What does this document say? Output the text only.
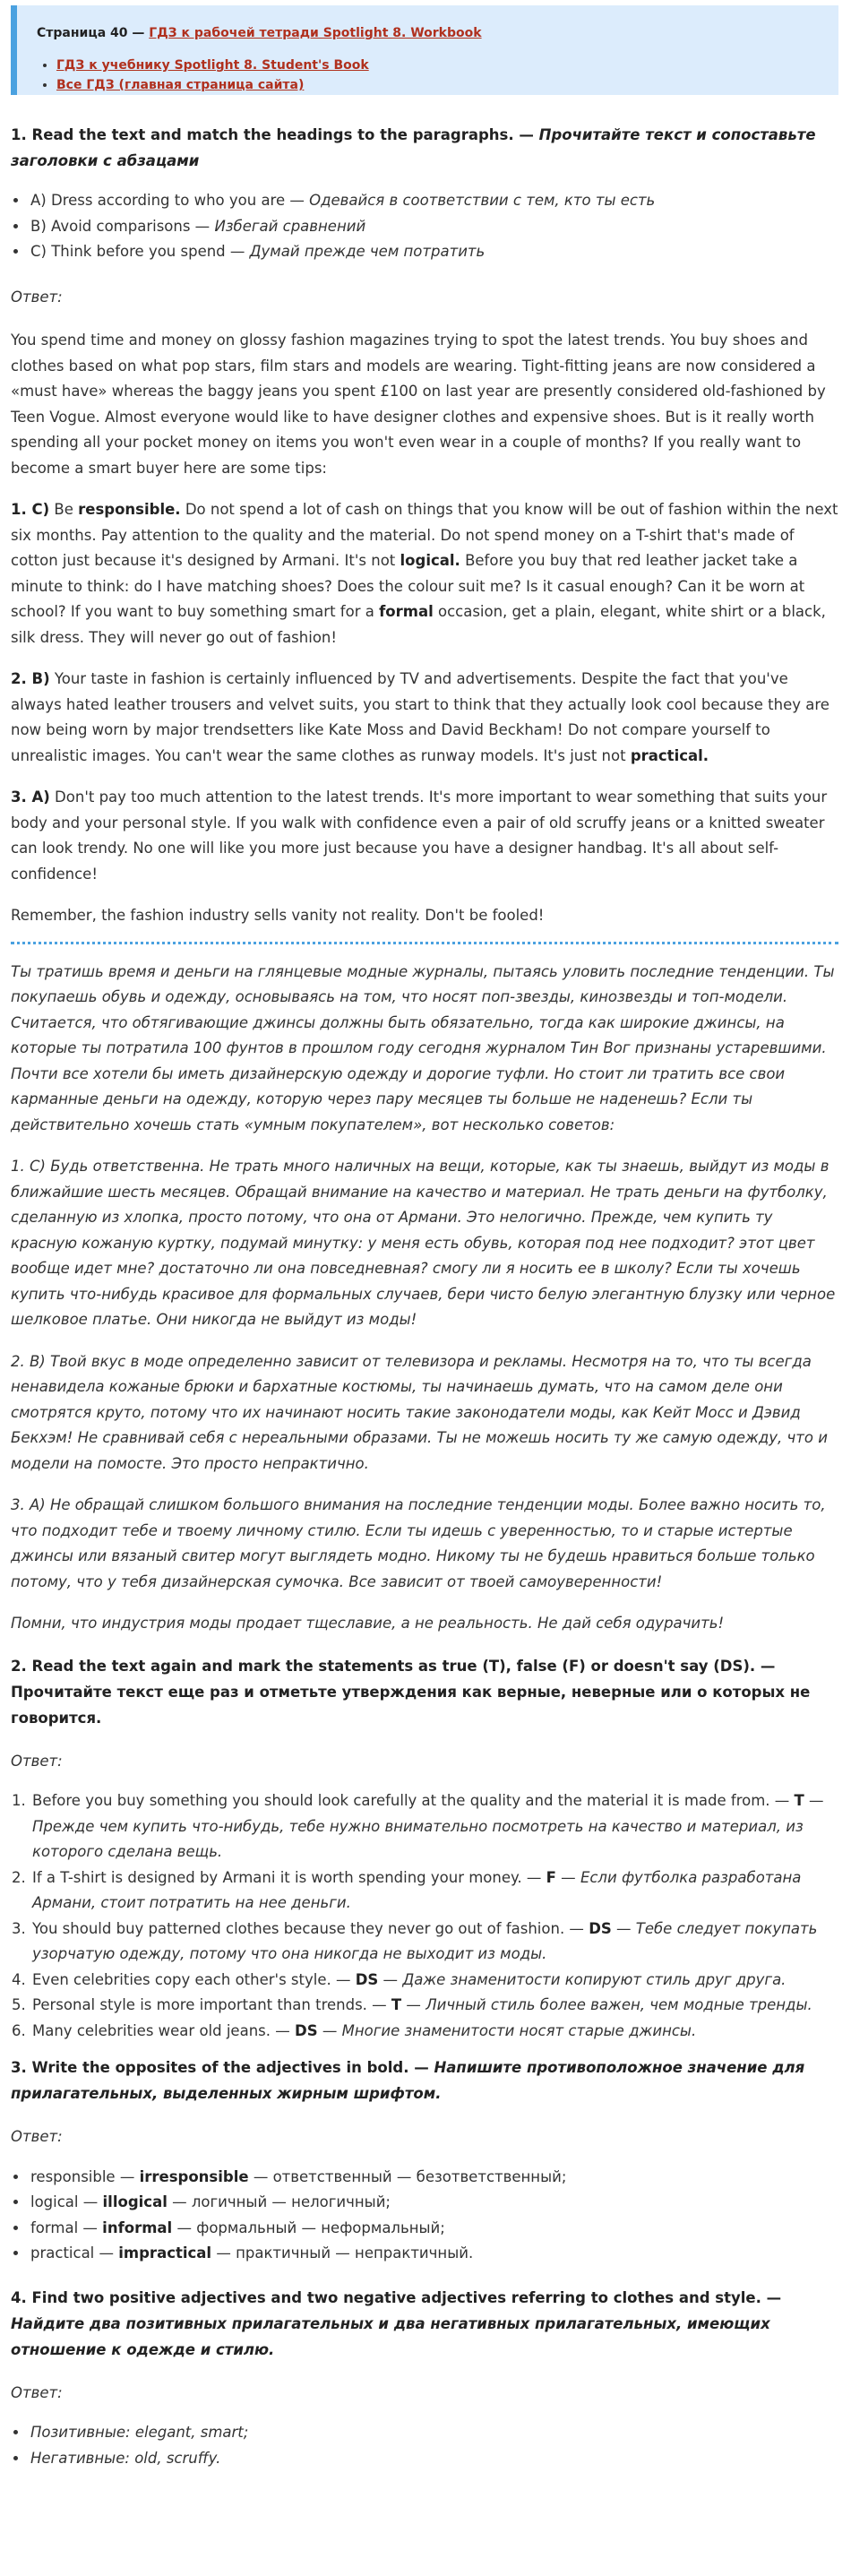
Страница 40 — ГДЗ к рабочей тетради Spotlight 8. Workbook

• ГДЗ к учебнику Spotlight 8. Student's Book
• Все ГДЗ (главная страница сайта)
1. Read the text and match the headings to the paragraphs. — Прочитайте текст и сопоставьте заголовки с абзацами
• A) Dress according to who you are — Одевайся в соответствии с тем, кто ты есть
• B) Avoid comparisons — Избегай сравнений
• C) Think before you spend — Думай прежде чем потратить

Ответ:

You spend time and money on glossy fashion magazines trying to spot the latest trends. You buy shoes and clothes based on what pop stars, film stars and models are wearing. Tight-fitting jeans are now considered a «must have» whereas the baggy jeans you spent £100 on last year are presently considered old-fashioned by Teen Vogue. Almost everyone would like to have designer clothes and expensive shoes. But is it really worth spending all your pocket money on items you won't even wear in a couple of months? If you really want to become a smart buyer here are some tips:

1. C) Be responsible. Do not spend a lot of cash on things that you know will be out of fashion within the next six months. Pay attention to the quality and the material. Do not spend money on a T-shirt that's made of cotton just because it's designed by Armani. It's not logical. Before you buy that red leather jacket take a minute to think: do I have matching shoes? Does the colour suit me? Is it casual enough? Can it be worn at school? If you want to buy something smart for a formal occasion, get a plain, elegant, white shirt or a black, silk dress. They will never go out of fashion!

2. B) Your taste in fashion is certainly influenced by TV and advertisements. Despite the fact that you've always hated leather trousers and velvet suits, you start to think that they actually look cool because they are now being worn by major trendsetters like Kate Moss and David Beckham! Do not compare yourself to unrealistic images. You can't wear the same clothes as runway models. It's just not practical.

3. A) Don't pay too much attention to the latest trends. It's more important to wear something that suits your body and your personal style. If you walk with confidence even a pair of old scruffy jeans or a knitted sweater can look trendy. No one will like you more just because you have a designer handbag. It's all about self-confidence!

Remember, the fashion industry sells vanity not reality. Don't be fooled!

Ты тратишь время и деньги на глянцевые модные журналы, пытаясь уловить последние тенденции. Ты покупаешь обувь и одежду, основываясь на том, что носят поп-звезды, кинозвезды и топ-модели. Считается, что обтягивающие джинсы должны быть обязательно, тогда как широкие джинсы, на которые ты потратила 100 фунтов в прошлом году сегодня журналом Тин Вог признаны устаревшими. Почти все хотели бы иметь дизайнерскую одежду и дорогие туфли. Но стоит ли тратить все свои карманные деньги на одежду, которую через пару месяцев ты больше не наденешь? Если ты действительно хочешь стать «умным покупателем», вот несколько советов:

1. C) Будь ответственна. Не трать много наличных на вещи, которые, как ты знаешь, выйдут из моды в ближайшие шесть месяцев. Обращай внимание на качество и материал. Не трать деньги на футболку, сделанную из хлопка, просто потому, что она от Армани. Это нелогично. Прежде, чем купить ту красную кожаную куртку, подумай минутку: у меня есть обувь, которая под нее подходит? этот цвет вообще идет мне? достаточно ли она повседневная? смогу ли я носить ее в школу? Если ты хочешь купить что-нибудь красивое для формальных случаев, бери чисто белую элегантную блузку или черное шелковое платье. Они никогда не выйдут из моды!

2. B) Твой вкус в моде определенно зависит от телевизора и рекламы. Несмотря на то, что ты всегда ненавидела кожаные брюки и бархатные костюмы, ты начинаешь думать, что на самом деле они смотрятся круто, потому что их начинают носить такие законодатели моды, как Кейт Мосс и Дэвид Бекхэм! Не сравнивай себя с нереальными образами. Ты не можешь носить ту же самую одежду, что и модели на помосте. Это просто непрактично.

3. A) Не обращай слишком большого внимания на последние тенденции моды. Более важно носить то, что подходит тебе и твоему личному стилю. Если ты идешь с уверенностью, то и старые истертые джинсы или вязаный свитер могут выглядеть модно. Никому ты не будешь нравиться больше только потому, что у тебя дизайнерская сумочка. Все зависит от твоей самоуверенности!

Помни, что индустрия моды продает тщеславие, а не реальность. Не дай себя одурачить!

2. Read the text again and mark the statements as true (T), false (F) or doesn't say (DS). — Прочитайте текст еще раз и отметьте утверждения как верные, неверные или о которых не говорится.

Ответ:

1. Before you buy something you should look carefully at the quality and the material it is made from. — T — Прежде чем купить что-нибудь, тебе нужно внимательно посмотреть на качество и материал, из которого сделана вещь.
2. If a T-shirt is designed by Armani it is worth spending your money. — F — Если футболка разработана Армани, стоит потратить на нее деньги.
3. You should buy patterned clothes because they never go out of fashion. — DS — Тебе следует покупать узорчатую одежду, потому что она никогда не выходит из моды.
4. Even celebrities copy each other's style. — DS — Даже знаменитости копируют стиль друг друга.
5. Personal style is more important than trends. — T — Личный стиль более важен, чем модные тренды.
6. Many celebrities wear old jeans. — DS — Многие знаменитости носят старые джинсы.
3. Write the opposites of the adjectives in bold. — Напишите противоположное значение для прилагательных, выделенных жирным шрифтом.

Ответ:

• responsible — irresponsible — ответственный — безответственный;
• logical — illogical — логичный — нелогичный;
• formal — informal — формальный — неформальный;
• practical — impractical — практичный — непрактичный.
4. Find two positive adjectives and two negative adjectives referring to clothes and style. — Найдите два позитивных прилагательных и два негативных прилагательных, имеющих отношение к одежде и стилю.

Ответ:

• Позитивные: elegant, smart;
• Негативные: old, scruffy.
